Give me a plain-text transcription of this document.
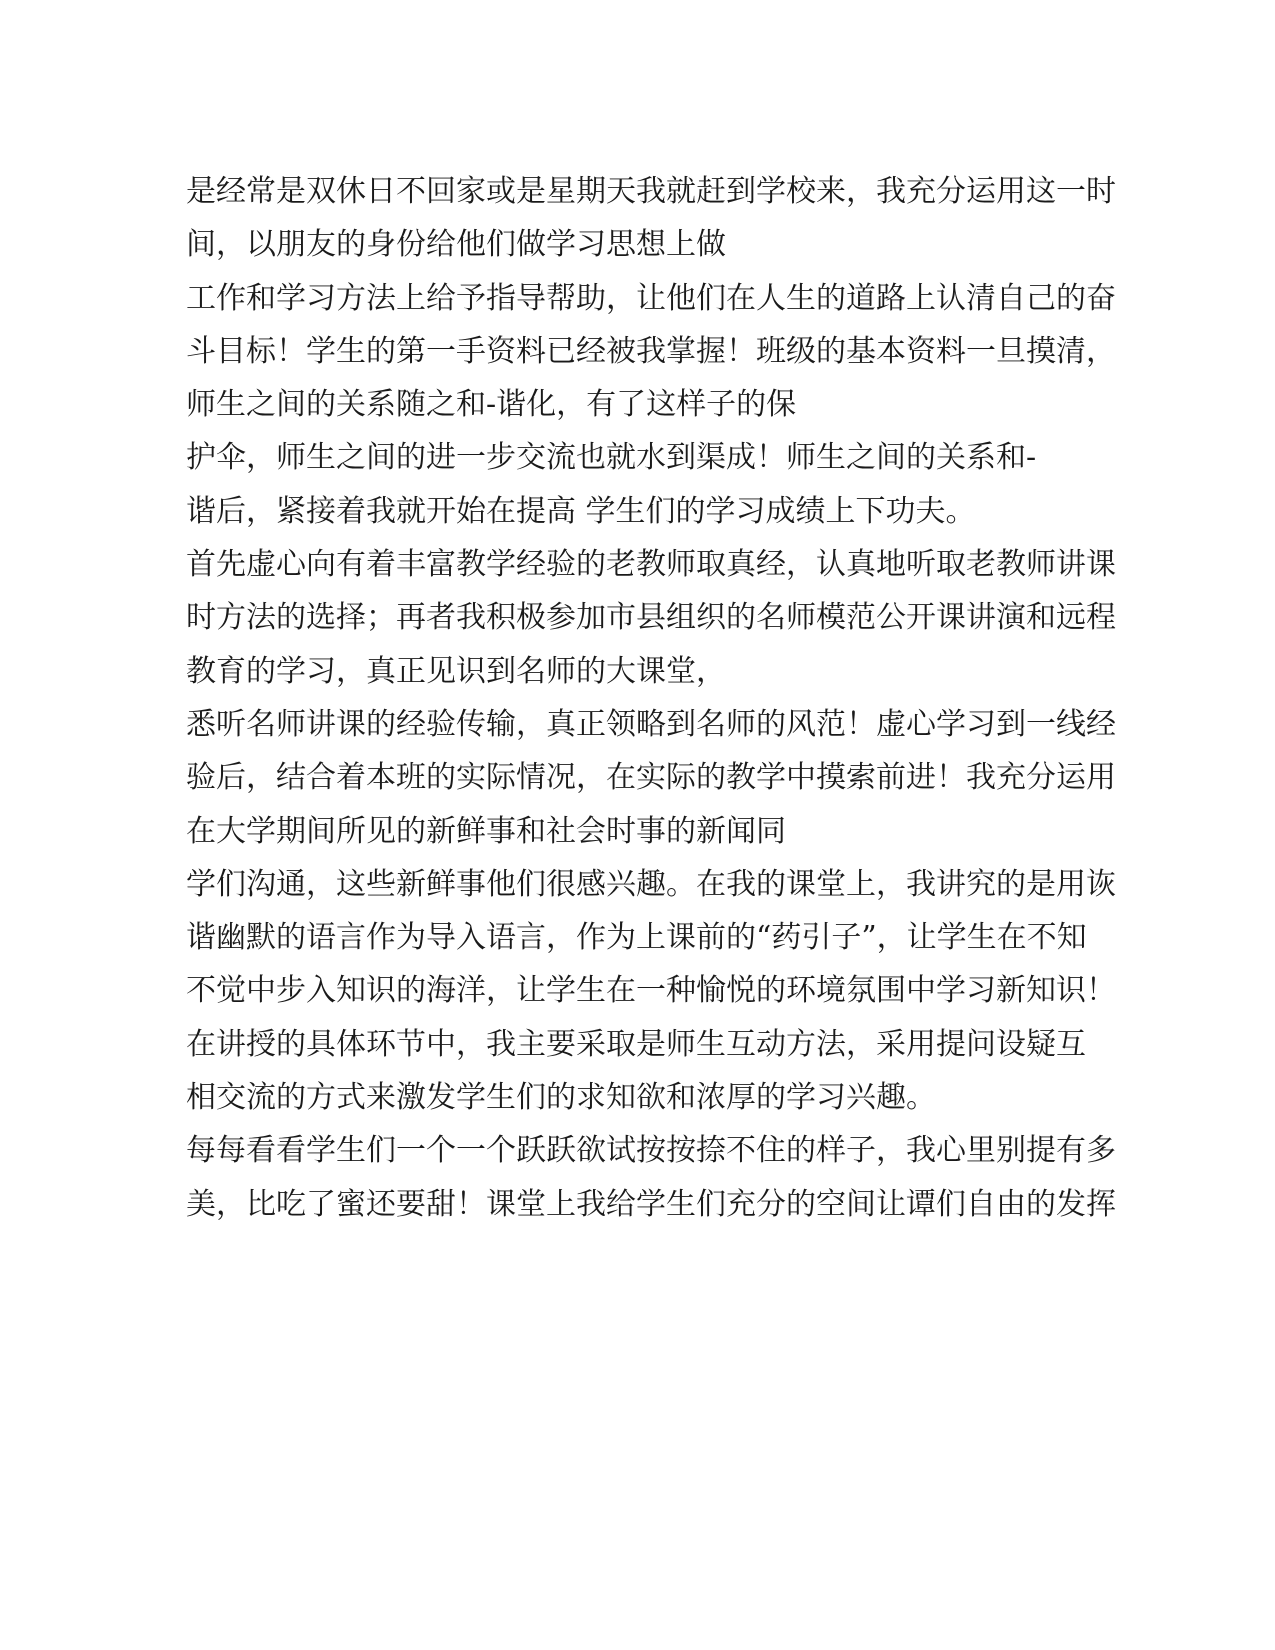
是经常是双休日不回家或是星期天我就赶到学校来，我充分运用这一时
间，以朋友的身份给他们做学习思想上做
工作和学习方法上给予指导帮助，让他们在人生的道路上认清自己的奋
斗目标！学生的第一手资料已经被我掌握！班级的基本资料一旦摸清，
师生之间的关系随之和-谐化，有了这样子的保
护伞，师生之间的进一步交流也就水到渠成！师生之间的关系和-
谐后，紧接着我就开始在提高 学生们的学习成绩上下功夫。
首先虚心向有着丰富教学经验的老教师取真经，认真地听取老教师讲课
时方法的选择；再者我积极参加市县组织的名师模范公开课讲演和远程
教育的学习，真正见识到名师的大课堂，
悉听名师讲课的经验传输，真正领略到名师的风范！虚心学习到一线经
验后，结合着本班的实际情况，在实际的教学中摸索前进！我充分运用
在大学期间所见的新鲜事和社会时事的新闻同
学们沟通，这些新鲜事他们很感兴趣。在我的课堂上，我讲究的是用诙
谐幽默的语言作为导入语言，作为上课前的“药引子”，让学生在不知
不觉中步入知识的海洋，让学生在一种愉悦的环境氛围中学习新知识！
在讲授的具体环节中，我主要采取是师生互动方法，采用提问设疑互
相交流的方式来激发学生们的求知欲和浓厚的学习兴趣。
每每看看学生们一个一个跃跃欲试按按捺不住的样子，我心里别提有多
美，比吃了蜜还要甜！课堂上我给学生们充分的空间让谭们自由的发挥
